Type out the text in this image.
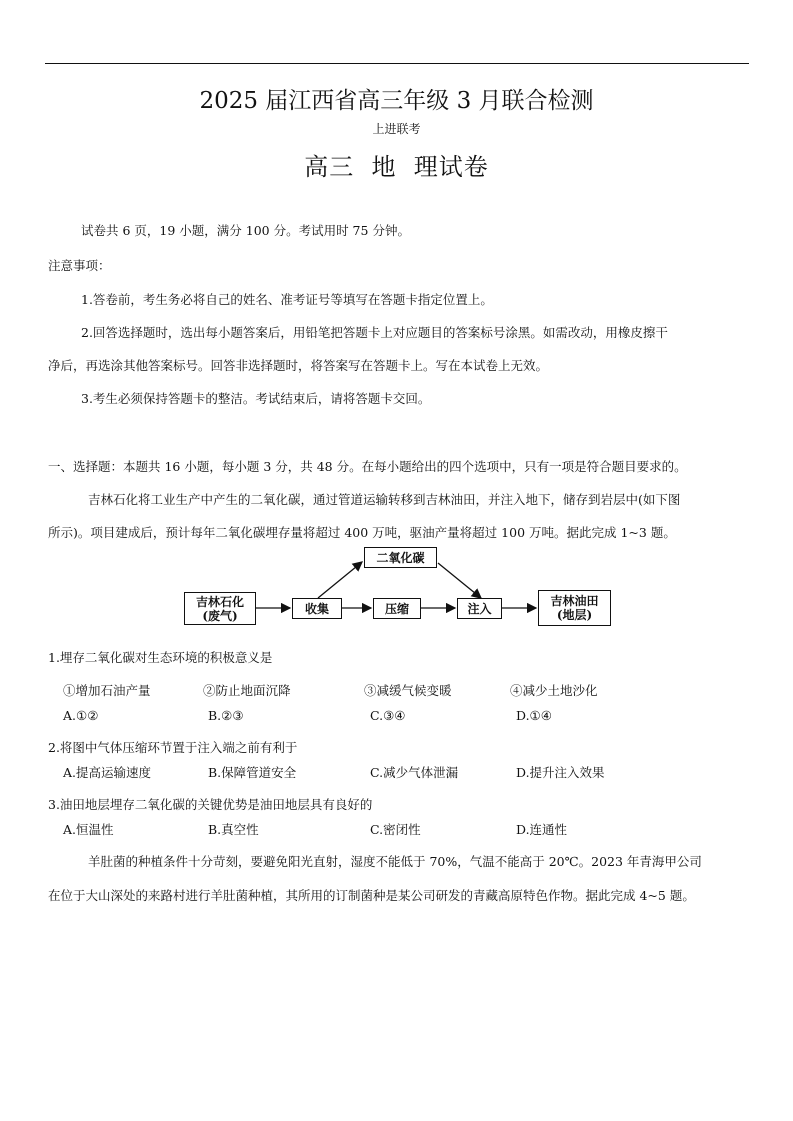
2025 届江西省高三年级 3 月联合检测
上进联考
高三  地  理试卷
试卷共 6 页，19 小题，满分 100 分。考试用时 75 分钟。
注意事项：
1.答卷前，考生务必将自己的姓名、准考证号等填写在答题卡指定位置上。
2.回答选择题时，选出每小题答案后，用铅笔把答题卡上对应题目的答案标号涂黑。如需改动，用橡皮擦干
净后，再选涂其他答案标号。回答非选择题时，将答案写在答题卡上。写在本试卷上无效。
3.考生必须保持答题卡的整洁。考试结束后，请将答题卡交回。
一、选择题：本题共 16 小题，每小题 3 分，共 48 分。在每小题给出的四个选项中，只有一项是符合题目要求的。
吉林石化将工业生产中产生的二氧化碳，通过管道运输转移到吉林油田，并注入地下，储存到岩层中(如下图
所示)。项目建成后，预计每年二氧化碳埋存量将超过 400 万吨，驱油产量将超过 100 万吨。据此完成 1~3 题。
吉林石化
(废气)	收集
二氧化碳
压缩	注入
吉林油田
(地层)
1.埋存二氧化碳对生态环境的积极意义是
①增加石油产量	②防止地面沉降	③减缓气候变暖	④减少土地沙化
A.①②	B.②③	C.③④	D.①④
2.将图中气体压缩环节置于注入端之前有利于
A.提高运输速度	B.保障管道安全	C.减少气体泄漏	D.提升注入效果
3.油田地层埋存二氧化碳的关键优势是油田地层具有良好的
A.恒温性	B.真空性	C.密闭性	D.连通性
羊肚菌的种植条件十分苛刻，要避免阳光直射，湿度不能低于 70%，气温不能高于 20℃。2023 年青海甲公司
在位于大山深处的来路村进行羊肚菌种植，其所用的订制菌种是某公司研发的青藏高原特色作物。据此完成 4~5 题。
